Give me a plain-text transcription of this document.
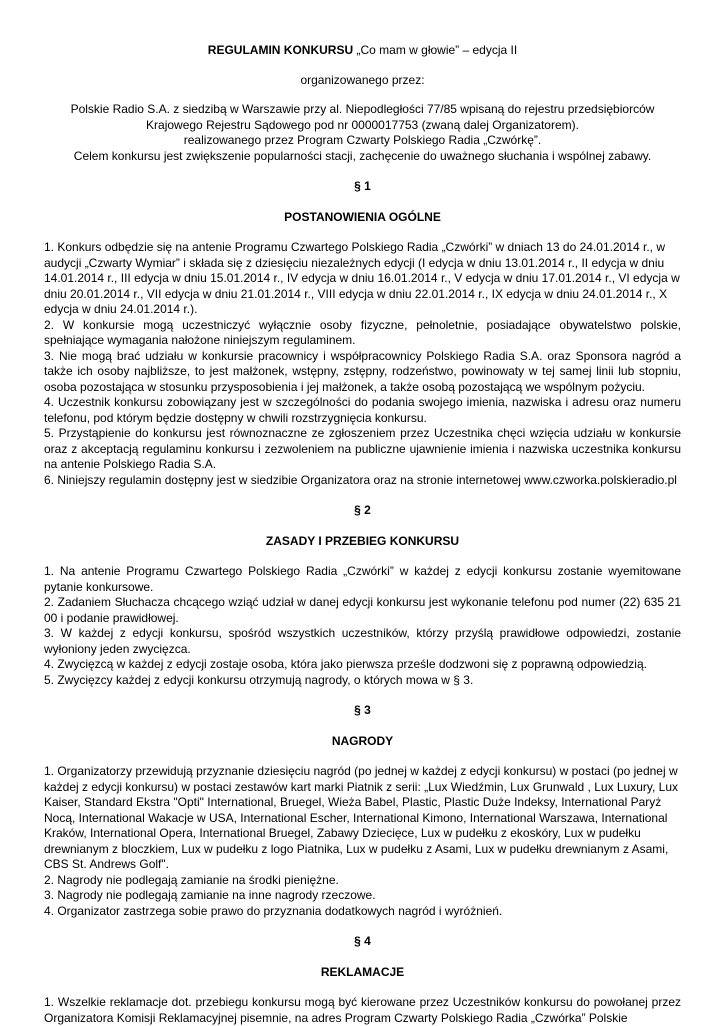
REGULAMIN KONKURSU „Co mam w głowie” – edycja II

organizowanego przez:

Polskie Radio S.A. z siedzibą w Warszawie przy al. Niepodległości 77/85 wpisaną do rejestru przedsiębiorców
Krajowego Rejestru Sądowego pod nr 0000017753 (zwaną dalej Organizatorem).
realizowanego przez Program Czwarty Polskiego Radia „Czwórkę”.
Celem konkursu jest zwiększenie popularności stacji, zachęcenie do uważnego słuchania i wspólnej zabawy.
§ 1
POSTANOWIENIA OGÓLNE

1. Konkurs odbędzie się na antenie Programu Czwartego Polskiego Radia „Czwórki” w dniach 13 do 24.01.2014 r., w audycji „Czwarty Wymiar” i składa się z dziesięciu niezależnych edycji (I edycja w dniu 13.01.2014 r., II edycja w dniu 14.01.2014 r., III edycja w dniu 15.01.2014 r., IV edycja w dniu 16.01.2014 r., V edycja w dniu 17.01.2014 r., VI edycja w dniu 20.01.2014 r., VII edycja w dniu 21.01.2014 r., VIII edycja w dniu 22.01.2014 r., IX edycja w dniu 24.01.2014 r., X edycja w dniu 24.01.2014 r.).

2. W konkursie mogą uczestniczyć wyłącznie osoby fizyczne, pełnoletnie, posiadające obywatelstwo polskie, spełniające wymagania nałożone niniejszym regulaminem.

3. Nie mogą brać udziału w konkursie pracownicy i współpracownicy Polskiego Radia S.A. oraz Sponsora nagród a także ich osoby najbliższe, to jest małżonek, wstępny, zstępny, rodzeństwo, powinowaty w tej samej linii lub stopniu, osoba pozostająca w stosunku przysposobienia i jej małżonek, a także osobą pozostającą we wspólnym pożyciu.

4. Uczestnik konkursu zobowiązany jest w szczególności do podania swojego imienia, nazwiska i adresu oraz numeru telefonu, pod którym będzie dostępny w chwili rozstrzygnięcia konkursu.

5. Przystąpienie do konkursu jest równoznaczne ze zgłoszeniem przez Uczestnika chęci wzięcia udziału w konkursie oraz z akceptacją regulaminu konkursu i zezwoleniem na publiczne ujawnienie imienia i nazwiska uczestnika konkursu na antenie Polskiego Radia S.A.

6. Niniejszy regulamin dostępny jest w siedzibie Organizatora oraz na stronie internetowej www.czworka.polskieradio.pl

§ 2
ZASADY I PRZEBIEG KONKURSU

1. Na antenie Programu Czwartego Polskiego Radia „Czwórki” w każdej z edycji konkursu zostanie wyemitowane pytanie konkursowe.

2. Zadaniem Słuchacza chcącego wziąć udział w danej edycji konkursu jest wykonanie telefonu pod numer (22) 635 21 00 i podanie prawidłowej.

3. W każdej z edycji konkursu, spośród wszystkich uczestników, którzy przyślą prawidłowe odpowiedzi, zostanie wyłoniony jeden zwycięzca.

4. Zwycięzcą w każdej z edycji zostaje osoba, która jako pierwsza prześle dodzwoni się z poprawną odpowiedzią.

5. Zwycięzcy każdej z edycji konkursu otrzymują nagrody, o których mowa w § 3.

§ 3
NAGRODY

1. Organizatorzy przewidują przyznanie dziesięciu nagród (po jednej w każdej z edycji konkursu) w postaci (po jednej w każdej z edycji konkursu) w postaci zestawów kart marki Piatnik z serii: „Lux Wiedźmin, Lux Grunwald , Lux Luxury, Lux Kaiser, Standard Ekstra "Opti" International, Bruegel, Wieża Babel, Plastic, Plastic Duże Indeksy, International Paryż Nocą, International Wakacje w USA, International Escher, International Kimono, International Warszawa, International Kraków, International Opera, International Bruegel, Zabawy Dziecięce, Lux w pudełku z ekoskóry, Lux w pudełku drewnianym z bloczkiem, Lux w pudełku z logo Piatnika, Lux w pudełku z Asami, Lux w pudełku drewnianym z Asami, CBS St. Andrews Golf".

2. Nagrody nie podlegają zamianie na środki pieniężne.

3. Nagrody nie podlegają zamianie na inne nagrody rzeczowe.

4. Organizator zastrzega sobie prawo do przyznania dodatkowych nagród i wyróżnień.

§ 4
REKLAMACJE

1. Wszelkie reklamacje dot. przebiegu konkursu mogą być kierowane przez Uczestników konkursu do powołanej przez Organizatora Komisji Reklamacyjnej pisemnie, na adres Program Czwarty Polskiego Radia „Czwórka” Polskie
